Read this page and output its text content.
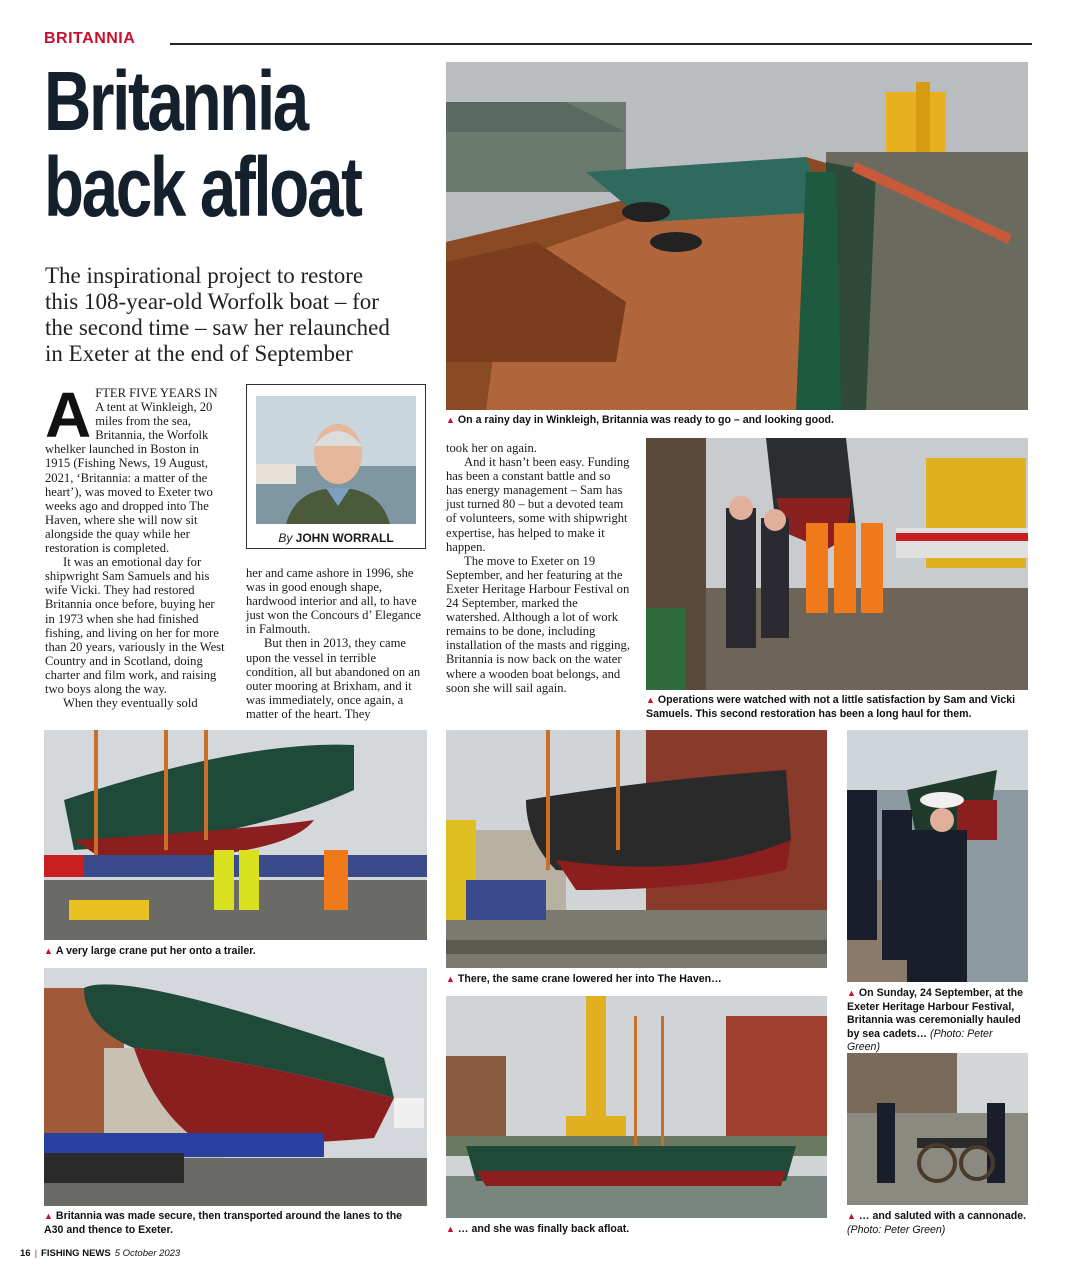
BRITANNIA
Britannia
back afloat
The inspirational project to restore
this 108-year-old Worfolk boat – for
the second time – saw her relaunched
in Exeter at the end of September

AFTER FIVE YEARS IN A tent at Winkleigh, 20 miles from the sea, Britannia, the Worfolk whelker launched in Boston in 1915 (Fishing News, 19 August, 2021, ‘Britannia: a matter of the heart’), was moved to Exeter two weeks ago and dropped into The Haven, where she will now sit alongside the quay while her restoration is completed.

It was an emotional day for shipwright Sam Samuels and his wife Vicki. They had restored Britannia once before, buying her in 1973 when she had finished fishing, and living on her for more than 20 years, variously in the West Country and in Scotland, doing charter and film work, and raising two boys along the way.

When they eventually sold

By JOHN WORRALL

her and came ashore in 1996, she was in good enough shape, hardwood interior and all, to have just won the Concours d’ Elegance in Falmouth.

But then in 2013, they came upon the vessel in terrible condition, all but abandoned on an outer mooring at Brixham, and it was immediately, once again, a matter of the heart. They

took her on again.

And it hasn’t been easy. Funding has been a constant battle and so has energy management – Sam has just turned 80 – but a devoted team of volunteers, some with shipwright expertise, has helped to make it happen.

The move to Exeter on 19 September, and her featuring at the Exeter Heritage Harbour Festival on 24 September, marked the watershed. Although a lot of work remains to be done, including installation of the masts and rigging, Britannia is now back on the water where a wooden boat belongs, and soon she will sail again.

▲ On a rainy day in Winkleigh, Britannia was ready to go – and looking good.
▲ Operations were watched with not a little satisfaction by Sam and Vicki Samuels. This second restoration has been a long haul for them.
▲ A very large crane put her onto a trailer.
▲ There, the same crane lowered her into The Haven…
▲ On Sunday, 24 September, at the Exeter Heritage Harbour Festival, Britannia was ceremonially hauled by sea cadets… (Photo: Peter Green)
▲ Britannia was made secure, then transported around the lanes to the A30 and thence to Exeter.	▲ … and she was finally back afloat.
▲ … and saluted with a cannonade. (Photo: Peter Green)
16 | FISHING NEWS 5 October 2023
